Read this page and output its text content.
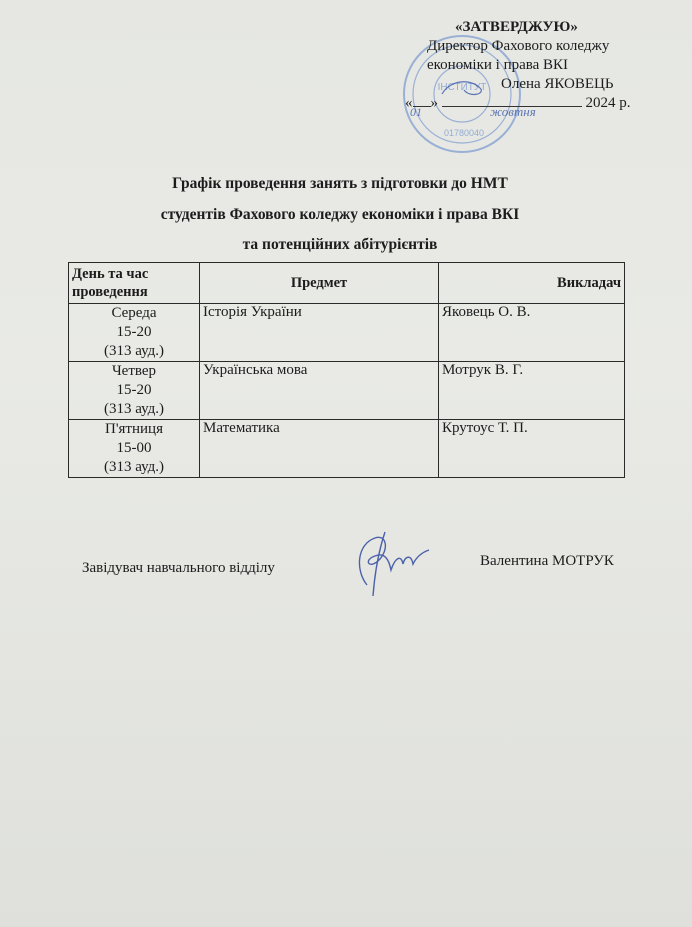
ІНСТИТУТ
01780040
«ЗАТВЕРДЖУЮ»
Директор Фахового коледжу
економіки і права ВКІ
Олена ЯКОВЕЦЬ
« »	2024 р.
01	жовтня
Графік проведення занять з підготовки до НМТ
студентів Фахового коледжу економіки і права ВКІ
та потенційних абітурієнтів
День та час
проведення	Предмет	Викладач

Середа
15-20
(313 ауд.)	Історія України	Яковець О. В.

Четвер
15-20
(313 ауд.)	Українська мова	Мотрук В. Г.

П'ятниця
15-00
(313 ауд.)	Математика	Крутоус Т. П.
Завідувач навчального відділу	Валентина МОТРУК
